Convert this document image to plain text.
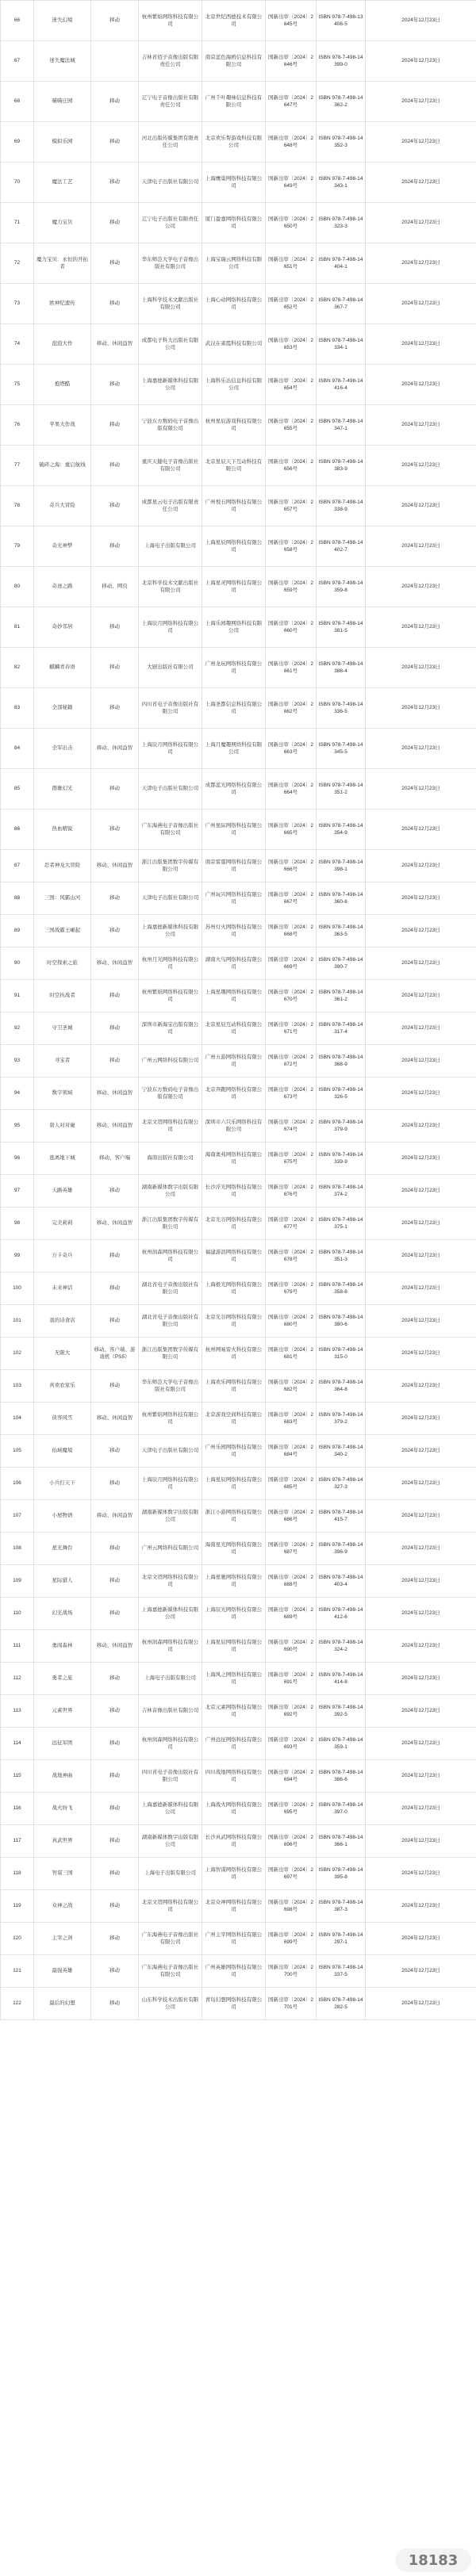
66	迷失幻境	移动	杭州紫焰网络科技有限公司	北京世纪西德技术有限公司	国新出审〔2024〕2645号	ISBN 978-7-498-13406-5	2024年12月23日
67	迷失魔法城		吉林省佰子音像出版有限责任公司	南京蓝色海鸥信息科技有限公司	国新出审〔2024〕2646号	ISBN 978-7-498-14399-0	2024年12月23日
68	喵喵庄园	移动	辽宁电子音像出版社有限责任公司	广州千叶趣味信息科技有限公司	国新出审〔2024〕2647号	ISBN 978-7-498-14362-2	2024年12月23日
69	模拟乐园	移动	河北出版传媒集团有限责任公司	北京欢乐帮游戏科技有限公司	国新出审〔2024〕2648号	ISBN 978-7-498-14352-3	2024年12月23日
70	魔法工艺	移动	天津电子出版社有限公司	上海鹰巢网络科技有限公司	国新出审〔2024〕2649号	ISBN 978-7-498-14343-1	2024年12月23日
71	魔力宝贝	移动	辽宁电子出版社有限责任公司	厦门盈嘉网络科技有限公司	国新出审〔2024〕2650号	ISBN 978-7-498-14323-3	2024年12月23日
72	魔力宝贝：永恒的开拓者	移动	华东师范大学电子音像出版社有限公司	上海宝瑞云网络科技有限公司	国新出审〔2024〕2651号	ISBN 978-7-498-14404-1	2024年12月23日
73	欧神纪遗传	移动	上海科学技术文献出版社有限公司	上海心动网络科技有限公司	国新出审〔2024〕2652号	ISBN 978-7-498-14367-7	2024年12月23日
74	泡泡大作	移动、休闲益智	成都电子科大出版社有限公司	武汉在雀霞科技有限公司	国新出审〔2024〕2653号	ISBN 978-7-498-14334-1	2024年12月23日
75	炮塔酷	移动	上海嘉德新媒体科技有限公司	上海科乐达信息科技有限公司	国新出审〔2024〕2654号	ISBN 978-7-498-14416-4	2024年12月23日
76	苹果大作战	移动	宁波东方数码电子音像出版有限公司	杭州星辰游戏科技有限公司	国新出审〔2024〕2655号	ISBN 978-7-498-14347-1	2024年12月23日
77	破碎之海：重启航线	移动	重庆天健电子音像出版社有限公司	北京星辰天下互动科技有限公司	国新出审〔2024〕2656号	ISBN 978-7-498-14383-9	2024年12月23日
78	奇兵大冒险	移动	成都星云电子出版有限责任公司	广州悦石网络科技有限公司	国新出审〔2024〕2657号	ISBN 978-7-498-14338-9	2024年12月23日
79	奇光神梦	移动	上海电子出版有限公司	上海星辰网络科技有限公司	国新出审〔2024〕2658号	ISBN 978-7-498-14402-7	2024年12月23日
80	奇迹之路	移动、网页	北京科学技术文献出版社有限公司	上海星灵网络科技有限公司	国新出审〔2024〕2659号	ISBN 978-7-498-14359-8	2024年12月23日
81	奇妙邻居	移动	上海辰月网络科技有限公司	上海乐园趣网络科技有限公司	国新出审〔2024〕2660号	ISBN 978-7-498-14381-5	2024年12月23日
82	麒麟青春语	移动	大厨出版社有限公司	广州龙玩网络科技有限公司	国新出审〔2024〕2661号	ISBN 978-7-498-14388-4	2024年12月23日
83	全部秘籍	移动	四川省电子音像出版社有限公司	上海圣都信息科技有限公司	国新出审〔2024〕2662号	ISBN 978-7-498-14336-5	2024年12月23日
84	全军出击	移动、休闲益智	上海辰月网络科技有限公司	上海月魔趣网络科技有限公司	国新出审〔2024〕2663号	ISBN 978-7-498-14345-5	2024年12月23日
85	群雄幻光	移动	天津电子出版社有限公司	成都蓝光网络科技有限公司	国新出审〔2024〕2664号	ISBN 978-7-498-14351-2	2024年12月23日
86	热血精锐	移动	广东海燕电子音像出版社有限公司	广州星际网络科技有限公司	国新出审〔2024〕2665号	ISBN 978-7-498-14354-9	2024年12月23日
87	忍者神龙大冒险	移动、休闲益智	浙江出版集团数字传媒有限公司	南京雷霆网络科技有限公司	国新出审〔2024〕2666号	ISBN 978-7-498-14398-1	2024年12月23日
88	三国：风霸山河	移动	天津电子出版社有限公司	广州玩兴网络科技有限公司	国新出审〔2024〕2667号	ISBN 978-7-498-14360-6	2024年12月23日
89	三国战霸王崛起	移动	上海嘉德新媒体科技有限公司	苏州灯火网络科技有限公司	国新出审〔2024〕2668号	ISBN 978-7-498-14363-5	2024年12月23日
90	时空探索之旅	移动、休闲益智	杭州月光网络科技有限公司	湖南火鸟网络科技有限公司	国新出审〔2024〕2669号	ISBN 978-7-498-14390-7	2024年12月23日
91	时空执战者	移动	杭州紫焰网络科技有限公司	上海星趣网络科技有限公司	国新出审〔2024〕2670号	ISBN 978-7-498-14361-2	2024年12月23日
92	守卫圣城	移动	深圳市新海宝出版有限公司	北京星辰互动科技有限公司	国新出审〔2024〕2671号	ISBN 978-7-498-14317-4	2024年12月23日
93	寻宝者	移动	广州云网络科技有限公司	广州五游网络科技有限公司	国新出审〔2024〕2672号	ISBN 978-7-498-14368-9	2024年12月23日
94	数字领域	移动、休闲益智	宁波东方数码电子音像出版有限公司	北京奔跑网络科技有限公司	国新出审〔2024〕2673号	ISBN 978-7-498-14326-5	2024年12月23日
95	唐人对对碰	移动、休闲益智	北京文贺网络科技有限公司	深圳市六只乐网络科技有限公司	国新出审〔2024〕2674号	ISBN 978-7-498-14379-9	2024年12月23日
96	逃离地下城	移动、客户端	海南出版社有限公司	海南奥弗网络科技有限公司	国新出审〔2024〕2675号	ISBN 978-7-498-14339-9	2024年12月23日
97	天路英雄	移动	湖南新媒体数字出版有限公司	长沙浮光网络科技有限公司	国新出审〔2024〕2676号	ISBN 978-7-498-14374-2	2024年12月23日
98	完美莉莉	移动、休闲益智	浙江出版集团数字传媒有限公司	北京光谷网络科技有限公司	国新出审〔2024〕2677号	ISBN 978-7-498-14375-1	2024年12月23日
99	万卡奇兵	移动	杭州润森网络科技有限公司	福建游浪网络科技有限公司	国新出审〔2024〕2678号	ISBN 978-7-498-14351-3	2024年12月23日
100	未来神话	移动	湖北省电子音像出版社有限公司	上海极光网络科技有限公司	国新出审〔2024〕2679号	ISBN 978-7-498-14358-6	2024年12月23日
101	我的诗食店	移动	湖北省电子音像出版社有限公司	北京光谷网络科技有限公司	国新出审〔2024〕2680号	ISBN 978-7-498-14380-6	2024年12月23日
102	无限大	移动、客户端、游戏机（PS5）	浙江出版集团数字传媒有限公司	杭州网易雷火科技有限公司	国新出审〔2024〕2681号	ISBN 978-7-498-14315-0	2024年12月23日
103	喜欢农家乐	移动	华东师范大学电子音像出版社有限公司	上海欢乐网络科技有限公司	国新出审〔2024〕2682号	ISBN 978-7-498-14364-8	2024年12月23日
104	侠客风雪	移动、休闲益智	杭州紫焰网络科技有限公司	北京游戏空间科技有限公司	国新出审〔2024〕2683号	ISBN 978-7-498-14379-2	2024年12月23日
105	仙域魔境	移动	天津电子出版社有限公司	广州乐园网络科技有限公司	国新出审〔2024〕2684号	ISBN 978-7-498-14340-2	2024年12月23日
106	小兵打天下	移动	上海辰月网络科技有限公司	上海星辰网络科技有限公司	国新出审〔2024〕2685号	ISBN 978-7-498-14327-3	2024年12月23日
107	小屋物语	移动、休闲益智	湖南新媒体数字出版有限公司	浙江小游网络科技有限公司	国新出审〔2024〕2686号	ISBN 978-7-498-14415-7	2024年12月23日
108	星光舞台	移动	广州云网络科技有限公司	海南星光网络科技有限公司	国新出审〔2024〕2687号	ISBN 978-7-498-14396-9	2024年12月23日
109	星际猎人	移动	北京文贺网络科技有限公司	上海星驰网络科技有限公司	国新出审〔2024〕2688号	ISBN 978-7-498-14403-4	2024年12月23日
110	幻光战场	移动	上海嘉德新媒体科技有限公司	上海辰光网络科技有限公司	国新出审〔2024〕2689号	ISBN 978-7-498-14412-6	2024年12月23日
111	勇闯森林	移动、休闲益智	杭州润森网络科技有限公司	上海星辰网络科技有限公司	国新出审〔2024〕2690号	ISBN 978-7-498-14324-2	2024年12月23日
112	勇者之旅	移动	上海电子出版有限公司	上海风之网络科技有限公司	国新出审〔2024〕2691号	ISBN 978-7-498-14414-8	2024年12月23日
113	元素世界	移动	吉林音像出版社有限公司	北京元素网络科技有限公司	国新出审〔2024〕2692号	ISBN 978-7-498-14392-5	2024年12月23日
114	远征军团	移动	杭州润森网络科技有限公司	广州远征网络科技有限公司	国新出审〔2024〕2693号	ISBN 978-7-498-14359-1	2024年12月23日
115	战地神曲	移动	四川省电子音像出版社有限公司	四川战地网络科技有限公司	国新出审〔2024〕2694号	ISBN 978-7-498-14386-6	2024年12月23日
116	战火纷飞	移动	上海嘉德新媒体科技有限公司	上海战火网络科技有限公司	国新出审〔2024〕2695号	ISBN 978-7-498-14397-0	2024年12月23日
117	真武世界	移动	湖南新媒体数字出版有限公司	长沙真武网络科技有限公司	国新出审〔2024〕2696号	ISBN 978-7-498-14366-1	2024年12月23日
118	智谋三国	移动	上海电子出版有限公司	上海智谋网络科技有限公司	国新出审〔2024〕2697号	ISBN 978-7-498-14395-8	2024年12月23日
119	众神之战	移动	北京文贺网络科技有限公司	北京众神网络科技有限公司	国新出审〔2024〕2698号	ISBN 978-7-498-14387-3	2024年12月23日
120	主宰之剑	移动	广东海燕电子音像出版社有限公司	广州主宰网络科技有限公司	国新出审〔2024〕2699号	ISBN 978-7-498-14297-1	2024年12月23日
121	最强英雄	移动	广东海燕电子音像出版社有限公司	广州英雄网络科技有限公司	国新出审〔2024〕2700号	ISBN 978-7-498-14337-5	2024年12月23日
122	最后的幻想	移动	山东科学技术出版社有限公司	青岛幻想网络科技有限公司	国新出审〔2024〕2701号	ISBN 978-7-498-14282-5	2024年12月23日
18183
